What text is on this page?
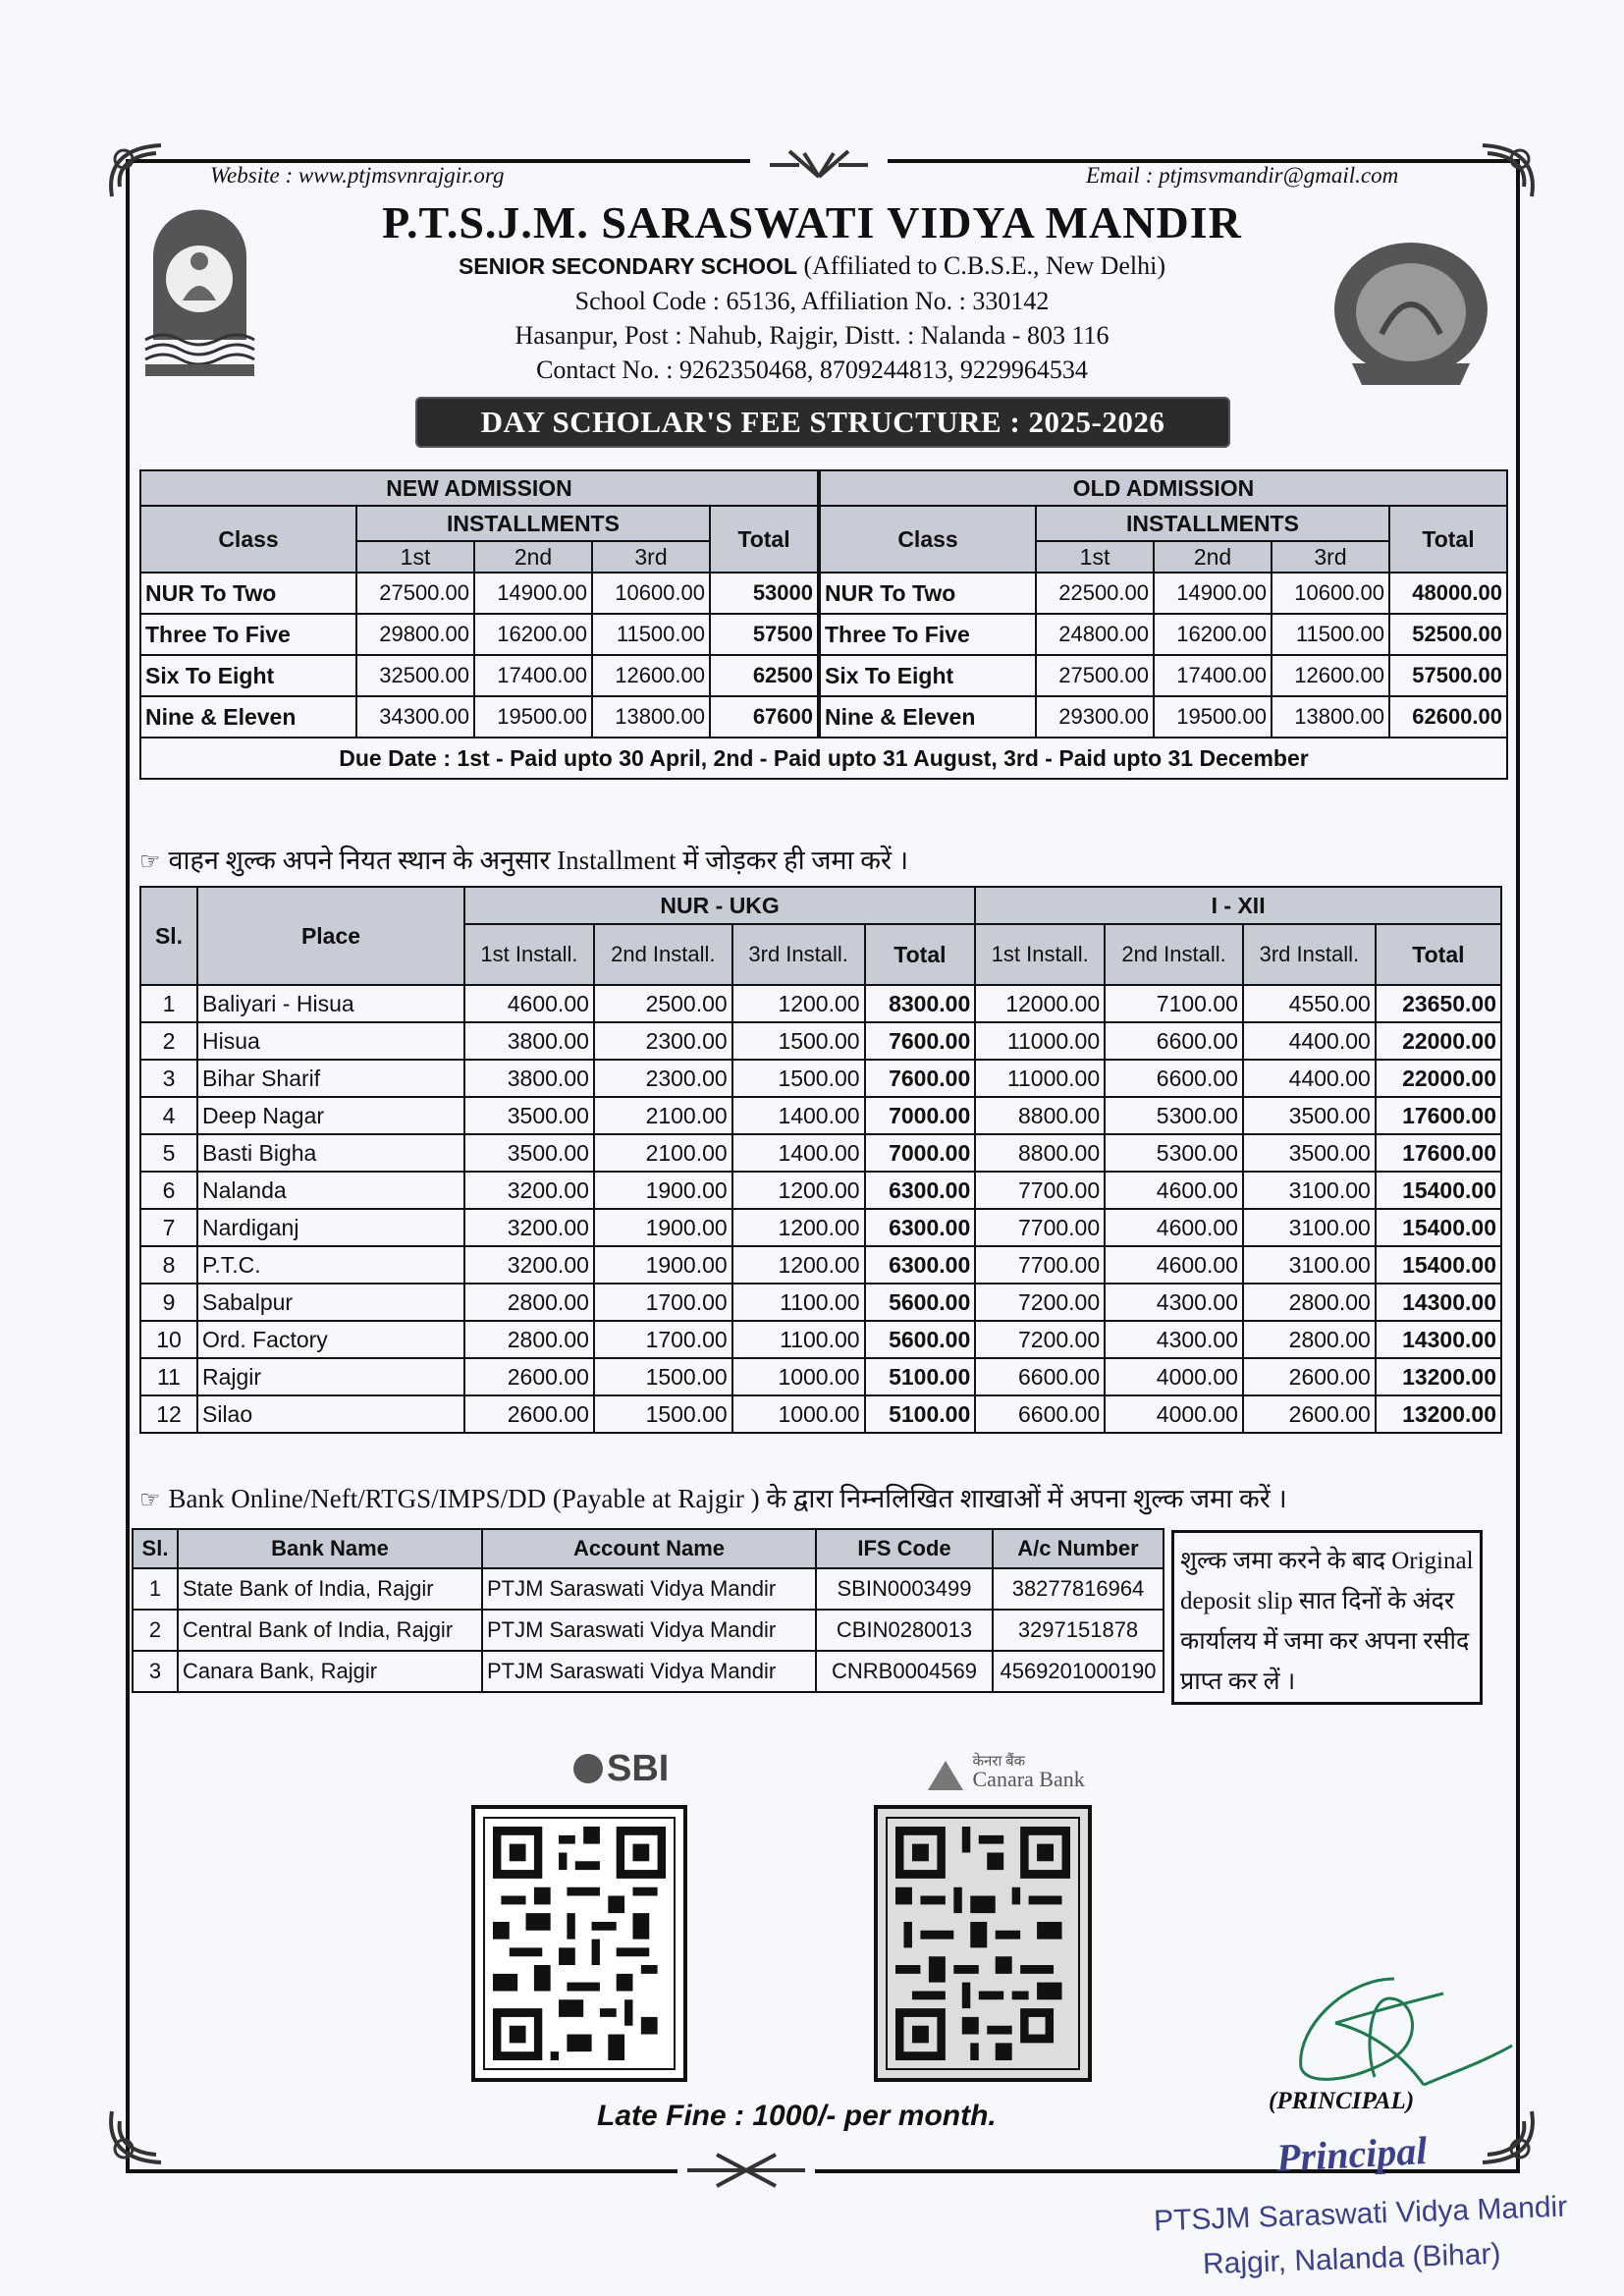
Website : www.ptjmsvnrajgir.org	Email : ptjmsvmandir@gmail.com
P.T.S.J.M. SARASWATI VIDYA MANDIR
SENIOR SECONDARY SCHOOL (Affiliated to C.B.S.E., New Delhi)
School Code : 65136, Affiliation No. : 330142
Hasanpur, Post : Nahub, Rajgir, Distt. : Nalanda - 803 116
Contact No. : 9262350468, 8709244813, 9229964534
DAY SCHOLAR'S FEE STRUCTURE : 2025-2026
NEW ADMISSION					OLD ADMISSION				
Class	INSTALLMENTS			Total	Class	INSTALLMENTS			Total
	1st	2nd	3rd			1st	2nd	3rd	
NUR To Two	27500.00	14900.00	10600.00	53000	NUR To Two	22500.00	14900.00	10600.00	48000.00
Three To Five	29800.00	16200.00	11500.00	57500	Three To Five	24800.00	16200.00	11500.00	52500.00
Six To Eight	32500.00	17400.00	12600.00	62500	Six To Eight	27500.00	17400.00	12600.00	57500.00
Nine & Eleven	34300.00	19500.00	13800.00	67600	Nine & Eleven	29300.00	19500.00	13800.00	62600.00
Due Date : 1st - Paid upto 30 April, 2nd - Paid upto 31 August, 3rd - Paid upto 31 December									
☞ वाहन शुल्क अपने नियत स्थान के अनुसार Installment में जोड़कर ही जमा करें ।
Sl.	Place	NUR - UKG				I - XII			
		1st Install.	2nd Install.	3rd Install.	Total	1st Install.	2nd Install.	3rd Install.	Total
1	Baliyari - Hisua	4600.00	2500.00	1200.00	8300.00	12000.00	7100.00	4550.00	23650.00
2	Hisua	3800.00	2300.00	1500.00	7600.00	11000.00	6600.00	4400.00	22000.00
3	Bihar Sharif	3800.00	2300.00	1500.00	7600.00	11000.00	6600.00	4400.00	22000.00
4	Deep Nagar	3500.00	2100.00	1400.00	7000.00	8800.00	5300.00	3500.00	17600.00
5	Basti Bigha	3500.00	2100.00	1400.00	7000.00	8800.00	5300.00	3500.00	17600.00
6	Nalanda	3200.00	1900.00	1200.00	6300.00	7700.00	4600.00	3100.00	15400.00
7	Nardiganj	3200.00	1900.00	1200.00	6300.00	7700.00	4600.00	3100.00	15400.00
8	P.T.C.	3200.00	1900.00	1200.00	6300.00	7700.00	4600.00	3100.00	15400.00
9	Sabalpur	2800.00	1700.00	1100.00	5600.00	7200.00	4300.00	2800.00	14300.00
10	Ord. Factory	2800.00	1700.00	1100.00	5600.00	7200.00	4300.00	2800.00	14300.00
11	Rajgir	2600.00	1500.00	1000.00	5100.00	6600.00	4000.00	2600.00	13200.00
12	Silao	2600.00	1500.00	1000.00	5100.00	6600.00	4000.00	2600.00	13200.00
☞ Bank Online/Neft/RTGS/IMPS/DD (Payable at Rajgir ) के द्वारा निम्नलिखित शाखाओं में अपना शुल्क जमा करें ।
Sl.	Bank Name	Account Name	IFS Code	A/c Number
1	State Bank of India, Rajgir	PTJM Saraswati Vidya Mandir	SBIN0003499	38277816964
2	Central Bank of India, Rajgir	PTJM Saraswati Vidya Mandir	CBIN0280013	3297151878
3	Canara Bank, Rajgir	PTJM Saraswati Vidya Mandir	CNRB0004569	4569201000190
शुल्क जमा करने के बाद Original deposit slip सात दिनों के अंदर कार्यालय में जमा कर अपना रसीद प्राप्त कर लें ।
SBI	केनरा बैंक
Canara Bank
Late Fine : 1000/- per month.	(PRINCIPAL)
Principal
PTSJM Saraswati Vidya Mandir
Rajgir, Nalanda (Bihar)
